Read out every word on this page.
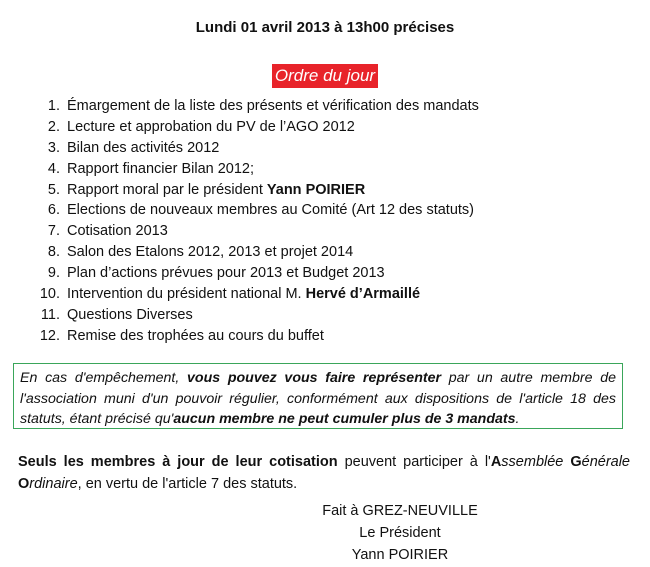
Lundi 01 avril 2013 à 13h00 précises
Ordre du jour
1. Émargement de la liste des présents et vérification des mandats
2. Lecture et approbation du PV de l’AGO 2012
3. Bilan des activités 2012
4. Rapport financier Bilan 2012;
5. Rapport moral par le président Yann POIRIER
6. Elections de nouveaux membres au Comité (Art 12 des statuts)
7. Cotisation 2013
8. Salon des Etalons 2012, 2013 et projet 2014
9. Plan d’actions prévues pour 2013 et Budget 2013
10. Intervention du président national M. Hervé d’Armaillé
11. Questions Diverses
12. Remise des trophées au cours du buffet
En cas d'empêchement, vous pouvez vous faire représenter par un autre membre de l'association muni d'un pouvoir régulier, conformément aux dispositions de l'article 18 des statuts, étant précisé qu'aucun membre ne peut cumuler plus de 3 mandats.
Seuls les membres à jour de leur cotisation peuvent participer à l'Assemblée Générale Ordinaire, en vertu de l'article 7 des statuts.
Fait à GREZ-NEUVILLE
Le Président
Yann POIRIER
